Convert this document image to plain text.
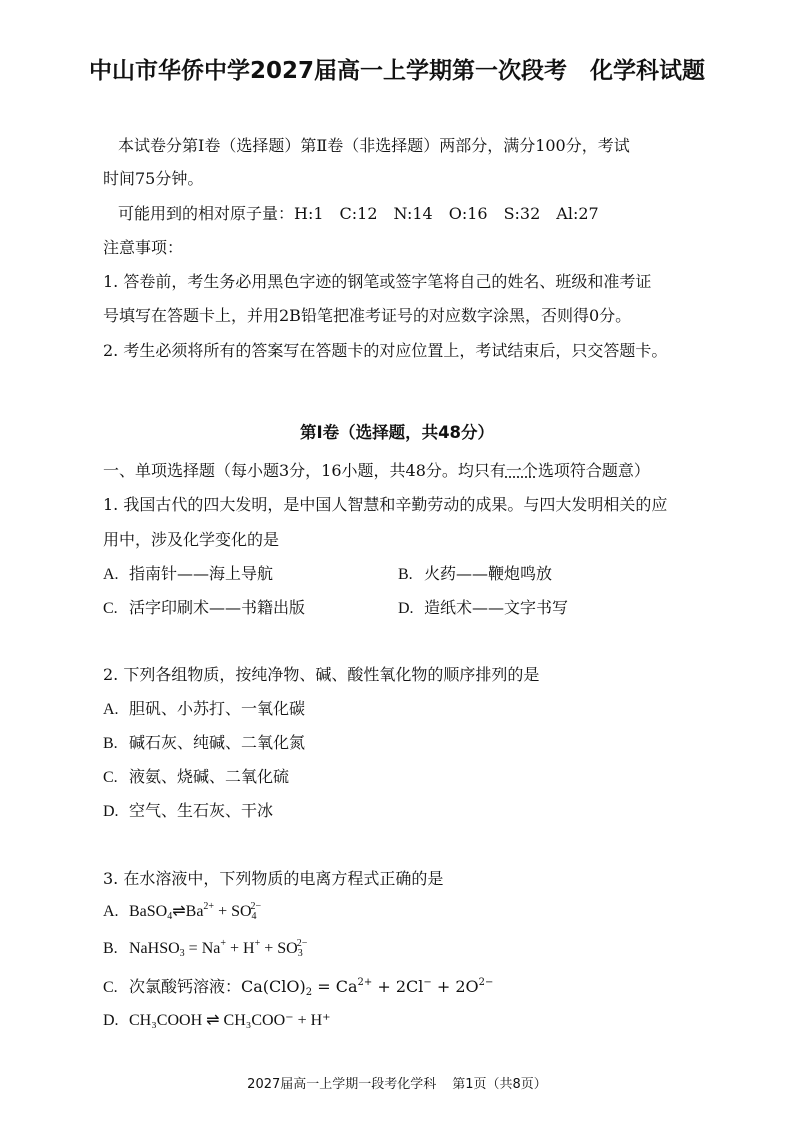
中山市华侨中学2027届高一上学期第一次段考　化学科试题
本试卷分第Ⅰ卷（选择题）第Ⅱ卷（非选择题）两部分，满分100分，考试
时间75分钟。
可能用到的相对原子量：H:1　C:12　N:14　O:16　S:32　Al:27
注意事项：
1. 答卷前，考生务必用黑色字迹的钢笔或签字笔将自己的姓名、班级和准考证
号填写在答题卡上，并用2B铅笔把准考证号的对应数字涂黑，否则得0分。
2. 考生必须将所有的答案写在答题卡的对应位置上，考试结束后，只交答题卡。
第Ⅰ卷（选择题，共48分）
一、单项选择题（每小题3分，16小题，共48分。均只有一个选项符合题意）
1. 我国古代的四大发明，是中国人智慧和辛勤劳动的成果。与四大发明相关的应
用中，涉及化学变化的是
A. 指南针——海上导航	B. 火药——鞭炮鸣放
C. 活字印刷术——书籍出版	D. 造纸术——文字书写
2. 下列各组物质，按纯净物、碱、酸性氧化物的顺序排列的是
A. 胆矾、小苏打、一氧化碳
B. 碱石灰、纯碱、二氧化氮
C. 液氨、烧碱、二氧化硫
D. 空气、生石灰、干冰
3. 在水溶液中，下列物质的电离方程式正确的是
A. $BaSO_4\rightleftharpoons Ba^{2+} + SO_4^{2-}$
B. NaHSO$_3$ = $Na^+ + H^+ + SO_3^{2-}$
C. 次氯酸钙溶液：$Ca(ClO)_2 = Ca^{2+} + 2Cl^- + 2O^{2-}$
D. CH₃COOH ⇌ CH₃COO⁻ + H⁺
2027届高一上学期一段考化学科 第1页（共8页）
